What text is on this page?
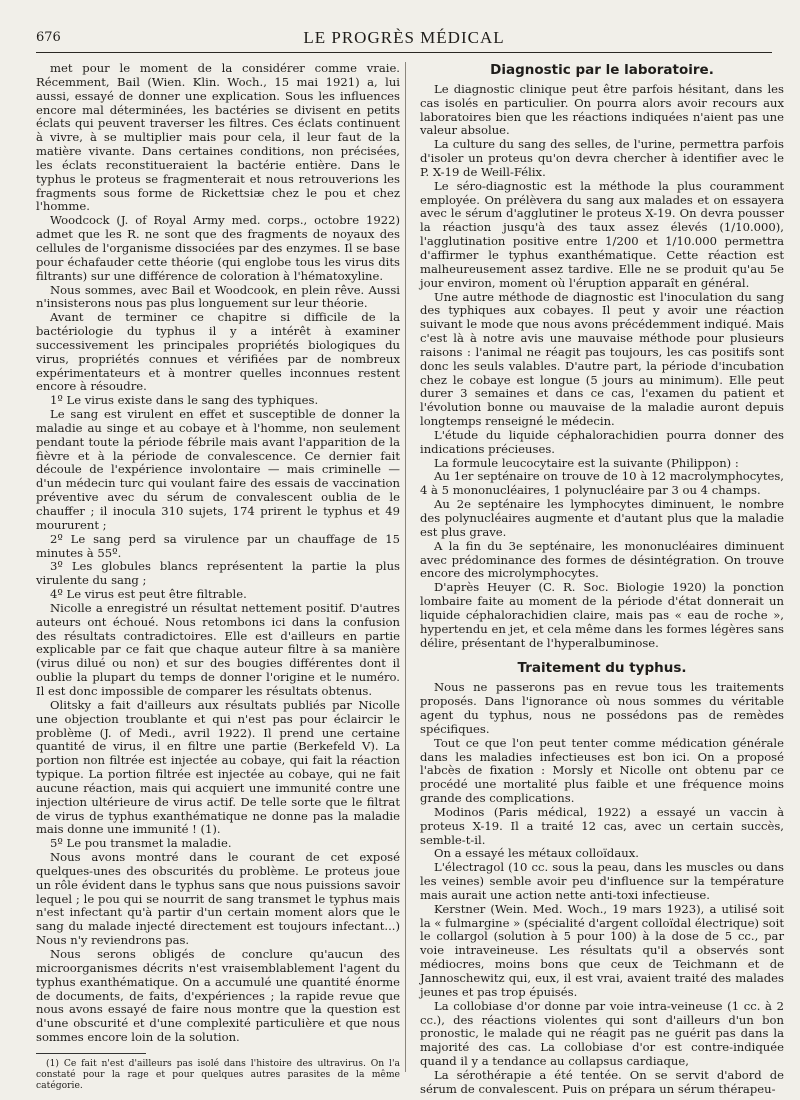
676	LE PROGRÈS MÉDICAL

met pour le moment de la considérer comme vraie. Récemment, Bail (Wien. Klin. Woch., 15 mai 1921) a, lui aussi, essayé de donner une explication. Sous les influences encore mal déterminées, les bactéries se divisent en petits éclats qui peuvent traverser les filtres. Ces éclats continuent à vivre, à se multiplier mais pour cela, il leur faut de la matière vivante. Dans certaines conditions, non précisées, les éclats reconstitueraient la bactérie entière. Dans le typhus le proteus se fragmenterait et nous retrouverions les fragments sous forme de Rickettsiæ chez le pou et chez l'homme.

Woodcock (J. of Royal Army med. corps., octobre 1922) admet que les R. ne sont que des fragments de noyaux des cellules de l'organisme dissociées par des enzymes. Il se base pour échafauder cette théorie (qui englobe tous les virus dits filtrants) sur une différence de coloration à l'hématoxyline.

Nous sommes, avec Bail et Woodcook, en plein rêve. Aussi n'insisterons nous pas plus longuement sur leur théorie.

Avant de terminer ce chapitre si difficile de la bactériologie du typhus il y a intérêt à examiner successivement les principales propriétés biologiques du virus, propriétés connues et vérifiées par de nombreux expérimentateurs et à montrer quelles inconnues restent encore à résoudre.

1º Le virus existe dans le sang des typhiques.

Le sang est virulent en effet et susceptible de donner la maladie au singe et au cobaye et à l'homme, non seulement pendant toute la période fébrile mais avant l'apparition de la fièvre et à la période de convalescence. Ce dernier fait découle de l'expérience involontaire — mais criminelle — d'un médecin turc qui voulant faire des essais de vaccination préventive avec du sérum de convalescent oublia de le chauffer ; il inocula 310 sujets, 174 prirent le typhus et 49 moururent ;

2º Le sang perd sa virulence par un chauffage de 15 minutes à 55º.

3º Les globules blancs représentent la partie la plus virulente du sang ;

4º Le virus est peut être filtrable.

Nicolle a enregistré un résultat nettement positif. D'autres auteurs ont échoué. Nous retombons ici dans la confusion des résultats contradictoires. Elle est d'ailleurs en partie explicable par ce fait que chaque auteur filtre à sa manière (virus dilué ou non) et sur des bougies différentes dont il oublie la plupart du temps de donner l'origine et le numéro. Il est donc impossible de comparer les résultats obtenus.

Olitsky a fait d'ailleurs aux résultats publiés par Nicolle une objection troublante et qui n'est pas pour éclaircir le problème (J. of Medi., avril 1922). Il prend une certaine quantité de virus, il en filtre une partie (Berkefeld V). La portion non filtrée est injectée au cobaye, qui fait la réaction typique. La portion filtrée est injectée au cobaye, qui ne fait aucune réaction, mais qui acquiert une immunité contre une injection ultérieure de virus actif. De telle sorte que le filtrat de virus de typhus exanthématique ne donne pas la maladie mais donne une immunité ! (1).

5º Le pou transmet la maladie.

Nous avons montré dans le courant de cet exposé quelques-unes des obscurités du problème. Le proteus joue un rôle évident dans le typhus sans que nous puissions savoir lequel ; le pou qui se nourrit de sang transmet le typhus mais n'est infectant qu'à partir d'un certain moment alors que le sang du malade injecté directement est toujours infectant...) Nous n'y reviendrons pas.

Nous serons obligés de conclure qu'aucun des microorganismes décrits n'est vraisemblablement l'agent du typhus exanthématique. On a accumulé une quantité énorme de documents, de faits, d'expériences ; la rapide revue que nous avons essayé de faire nous montre que la question est d'une obscurité et d'une complexité particulière et que nous sommes encore loin de la solution.

(1) Ce fait n'est d'ailleurs pas isolé dans l'histoire des ultravirus. On l'a constaté pour la rage et pour quelques autres parasites de la même catégorie.

Diagnostic par le laboratoire.

Le diagnostic clinique peut être parfois hésitant, dans les cas isolés en particulier. On pourra alors avoir recours aux laboratoires bien que les réactions indiquées n'aient pas une valeur absolue.

La culture du sang des selles, de l'urine, permettra parfois d'isoler un proteus qu'on devra chercher à identifier avec le P. X-19 de Weill-Félix.

Le séro-diagnostic est la méthode la plus couramment employée. On prélèvera du sang aux malades et on essayera avec le sérum d'agglutiner le proteus X-19. On devra pousser la réaction jusqu'à des taux assez élevés (1/10.000), l'agglutination positive entre 1/200 et 1/10.000 permettra d'affirmer le typhus exanthématique. Cette réaction est malheureusement assez tardive. Elle ne se produit qu'au 5e jour environ, moment où l'éruption apparaît en général.

Une autre méthode de diagnostic est l'inoculation du sang des typhiques aux cobayes. Il peut y avoir une réaction suivant le mode que nous avons précédemment indiqué. Mais c'est là à notre avis une mauvaise méthode pour plusieurs raisons : l'animal ne réagit pas toujours, les cas positifs sont donc les seuls valables. D'autre part, la période d'incubation chez le cobaye est longue (5 jours au minimum). Elle peut durer 3 semaines et dans ce cas, l'examen du patient et l'évolution bonne ou mauvaise de la maladie auront depuis longtemps renseigné le médecin.

L'étude du liquide céphalorachidien pourra donner des indications précieuses.

La formule leucocytaire est la suivante (Philippon) :

Au 1er septénaire on trouve de 10 à 12 macrolymphocytes, 4 à 5 mononucléaires, 1 polynucléaire par 3 ou 4 champs.

Au 2e septénaire les lymphocytes diminuent, le nombre des polynucléaires augmente et d'autant plus que la maladie est plus grave.

A la fin du 3e septénaire, les mononucléaires diminuent avec prédominance des formes de désintégration. On trouve encore des microlymphocytes.

D'après Heuyer (C. R. Soc. Biologie 1920) la ponction lombaire faite au moment de la période d'état donnerait un liquide céphalorachidien claire, mais pas « eau de roche », hypertendu en jet, et cela même dans les formes légères sans délire, présentant de l'hyperalbuminose.

Traitement du typhus.

Nous ne passerons pas en revue tous les traitements proposés. Dans l'ignorance où nous sommes du véritable agent du typhus, nous ne possédons pas de remèdes spécifiques.

Tout ce que l'on peut tenter comme médication générale dans les maladies infectieuses est bon ici. On a proposé l'abcès de fixation : Morsly et Nicolle ont obtenu par ce procédé une mortalité plus faible et une fréquence moins grande des complications.

Modinos (Paris médical, 1922) a essayé un vaccin à proteus X-19. Il a traité 12 cas, avec un certain succès, semble-t-il.

On a essayé les métaux colloïdaux.

L'électragol (10 cc. sous la peau, dans les muscles ou dans les veines) semble avoir peu d'influence sur la température mais aurait une action nette anti-toxi infectieuse.

Kerstner (Wein. Med. Woch., 19 mars 1923), a utilisé soit la « fulmargine » (spécialité d'argent colloïdal électrique) soit le collargol (solution à 5 pour 100) à la dose de 5 cc., par voie intraveineuse. Les résultats qu'il a observés sont médiocres, moins bons que ceux de Teichmann et de Jannoschewitz qui, eux, il est vrai, avaient traité des malades jeunes et pas trop épuisés.

La collobiase d'or donne par voie intra-veineuse (1 cc. à 2 cc.), des réactions violentes qui sont d'ailleurs d'un bon pronostic, le malade qui ne réagit pas ne guérit pas dans la majorité des cas. La collobiase d'or est contre-indiquée quand il y a tendance au collapsus cardiaque,

La sérothérapie a été tentée. On se servit d'abord de sérum de convalescent. Puis on prépara un sérum thérapeu-
